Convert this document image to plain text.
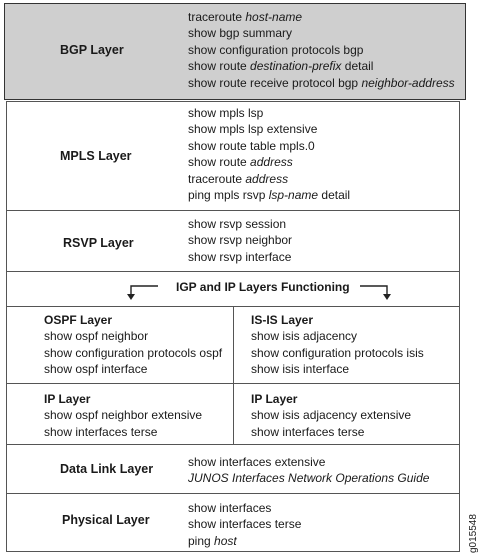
BGP Layer
traceroute host-name
show bgp summary
show configuration protocols bgp
show route destination-prefix detail
show route receive protocol bgp neighbor-address
MPLS Layer
show mpls lsp
show mpls lsp extensive
show route table mpls.0
show route address
traceroute address
ping mpls rsvp lsp-name detail
RSVP Layer
show rsvp session
show rsvp neighbor
show rsvp interface
IGP and IP Layers Functioning
OSPF Layer
show ospf neighbor
show configuration protocols ospf
show ospf interface
IS-IS Layer
show isis adjacency
show configuration protocols isis
show isis interface
IP Layer
show ospf neighbor extensive
show interfaces terse
IP Layer
show isis adjacency extensive
show interfaces terse
Data Link Layer	show interfaces extensive
JUNOS Interfaces Network Operations Guide
Physical Layer
show interfaces
show interfaces terse
ping host	g015548
